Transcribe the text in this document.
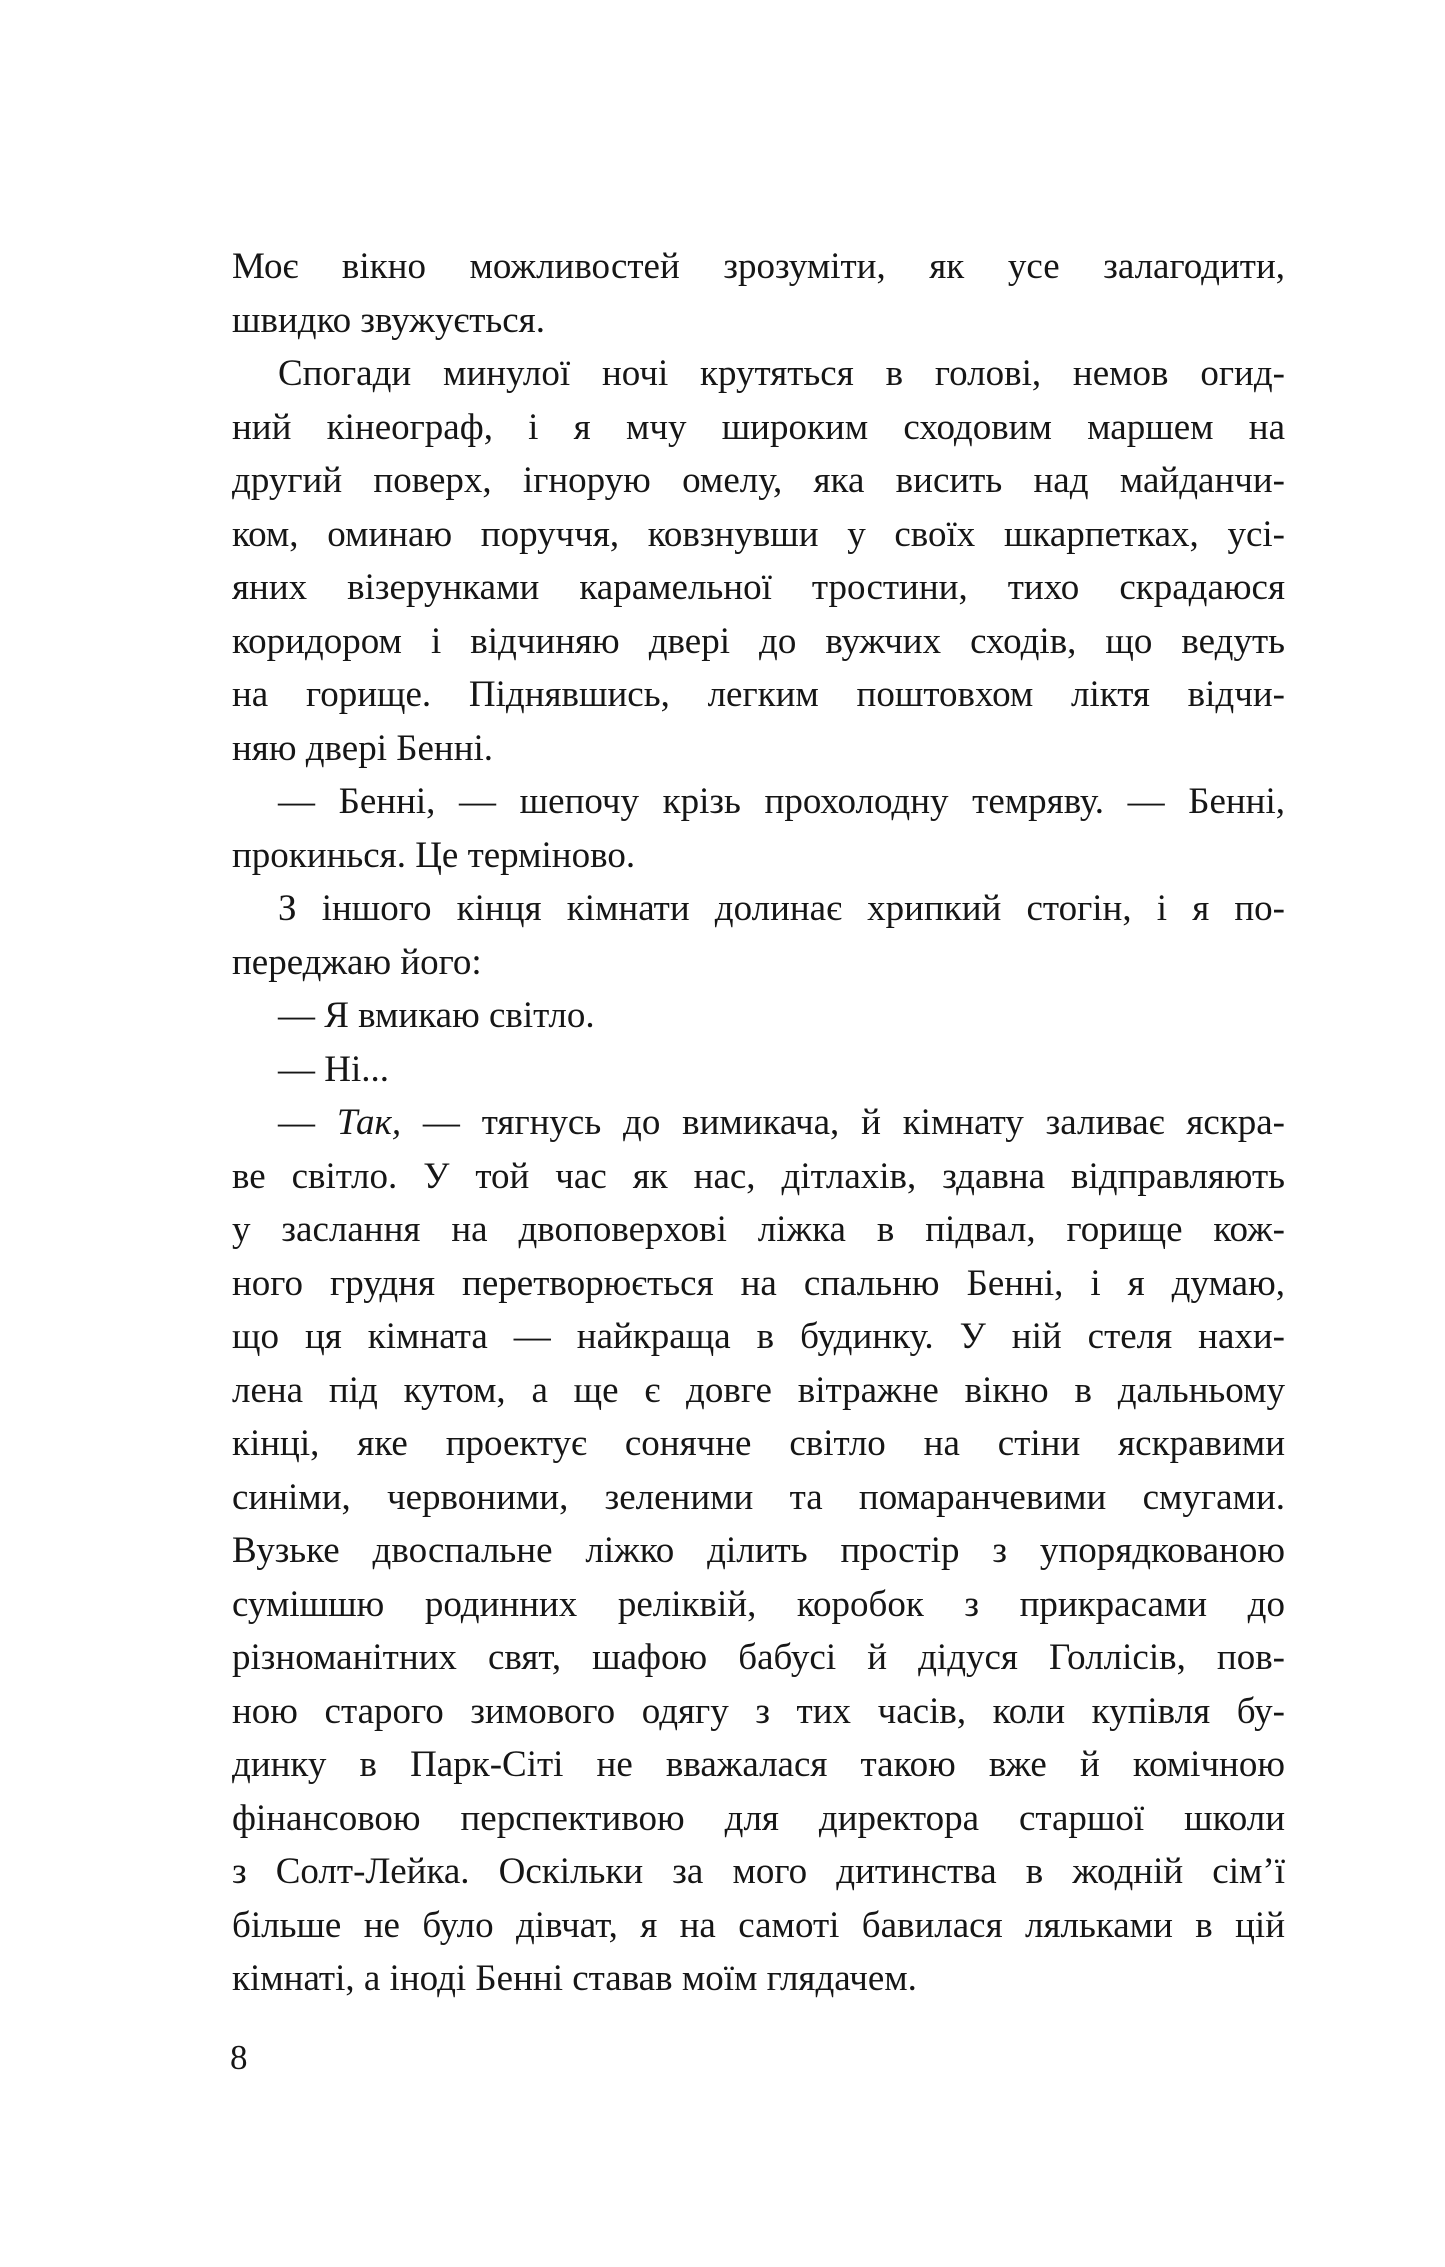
Моє вікно можливостей зрозуміти, як усе залагодити,
швидко звужується.
Спогади минулої ночі крутяться в голові, немов огид-
ний кінеограф, і я мчу широким сходовим маршем на
другий поверх, ігнорую омелу, яка висить над майданчи-
ком, оминаю поруччя, ковзнувши у своїх шкарпетках, усі-
яних візерунками карамельної тростини, тихо скрадаюся
коридором і відчиняю двері до вужчих сходів, що ведуть
на горище. Піднявшись, легким поштовхом ліктя відчи-
няю двері Бенні.
— Бенні, — шепочу крізь прохолодну темряву. — Бенні,
прокинься. Це терміново.
З іншого кінця кімнати долинає хрипкий стогін, і я по-
переджаю його:
— Я вмикаю світло.
— Ні...
— Так, — тягнусь до вимикача, й кімнату заливає яскра-
ве світло. У той час як нас, дітлахів, здавна відправляють
у заслання на двоповерхові ліжка в підвал, горище кож-
ного грудня перетворюється на спальню Бенні, і я думаю,
що ця кімната — найкраща в будинку. У ній стеля нахи-
лена під кутом, а ще є довге вітражне вікно в дальньому
кінці, яке проектує сонячне світло на стіни яскравими
синіми, червоними, зеленими та помаранчевими смугами.
Вузьке двоспальне ліжко ділить простір з упорядкованою
сумішшю родинних реліквій, коробок з прикрасами до
різноманітних свят, шафою бабусі й дідуся Голлісів, пов-
ною старого зимового одягу з тих часів, коли купівля бу-
динку в Парк-Сіті не вважалася такою вже й комічною
фінансовою перспективою для директора старшої школи
з Солт-Лейка. Оскільки за мого дитинства в жодній сім’ї
більше не було дівчат, я на самоті бавилася ляльками в цій
кімнаті, а іноді Бенні ставав моїм глядачем.
8
